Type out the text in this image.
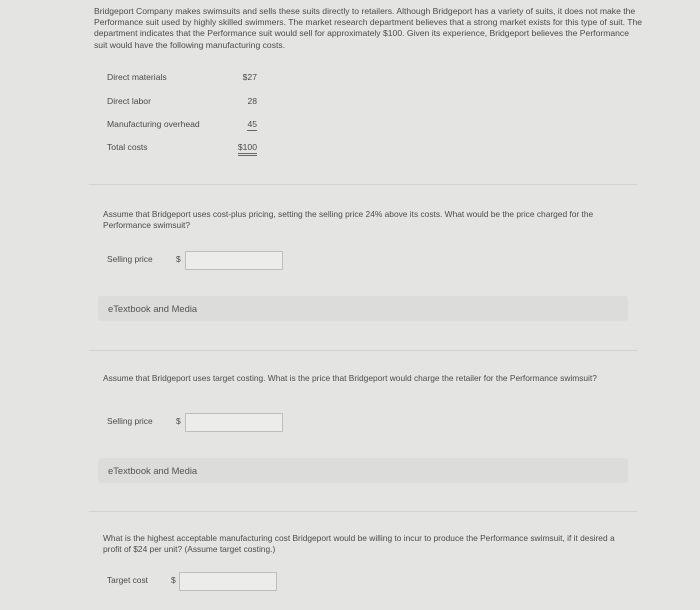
Bridgeport Company makes swimsuits and sells these suits directly to retailers. Although Bridgeport has a variety of suits, it does not make the Performance suit used by highly skilled swimmers. The market research department believes that a strong market exists for this type of suit. The department indicates that the Performance suit would sell for approximately $100. Given its experience, Bridgeport believes the Performance suit would have the following manufacturing costs.

Direct materials	$27
Direct labor	28
Manufacturing overhead	45
Total costs	$100

Assume that Bridgeport uses cost-plus pricing, setting the selling price 24% above its costs. What would be the price charged for the Performance swimsuit?

Selling price	$
eTextbook and Media

Assume that Bridgeport uses target costing. What is the price that Bridgeport would charge the retailer for the Performance swimsuit?

Selling price	$
eTextbook and Media

What is the highest acceptable manufacturing cost Bridgeport would be willing to incur to produce the Performance swimsuit, if it desired a profit of $24 per unit? (Assume target costing.)

Target cost	$
